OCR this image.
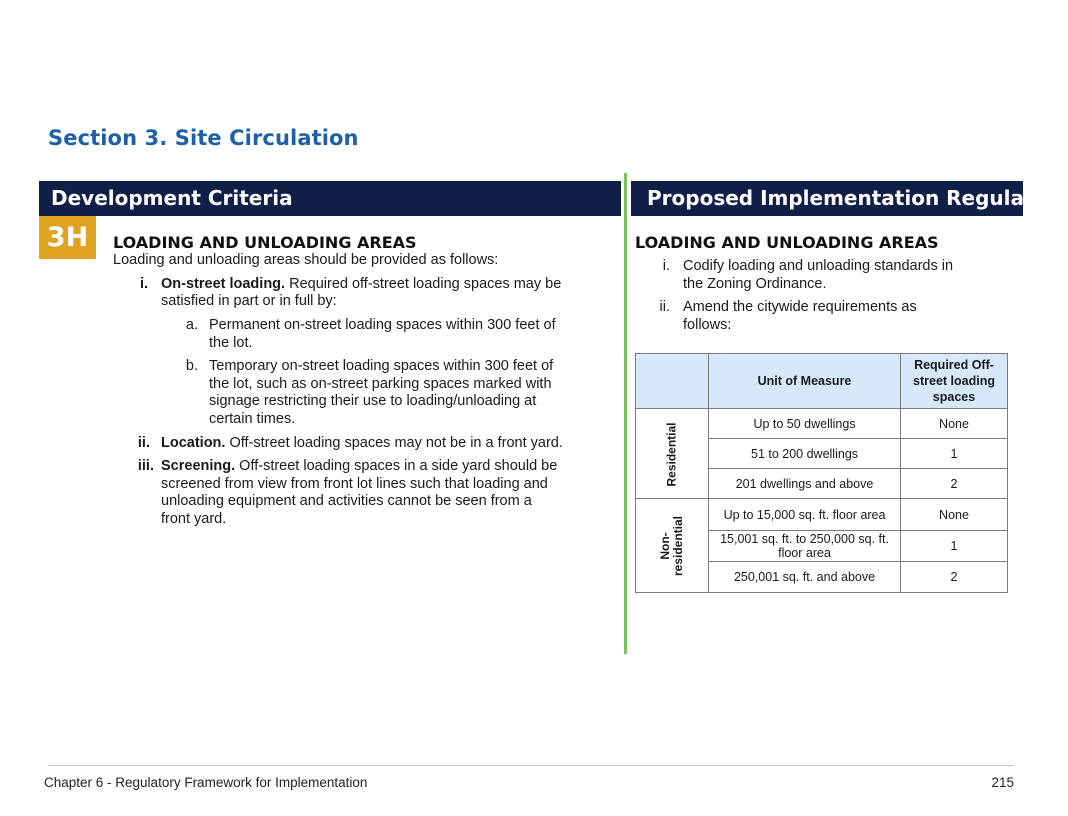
Section 3. Site Circulation
Development Criteria	Proposed Implementation Regulation
3H	LOADING AND UNLOADING AREAS
Loading and unloading areas should be provided as follows:
i. On-street loading. Required off-street loading spaces may be
satisfied in part or in full by:
a. Permanent on-street loading spaces within 300 feet of
the lot.
b. Temporary on-street loading spaces within 300 feet of
the lot, such as on-street parking spaces marked with
signage restricting their use to loading/unloading at
certain times.
ii. Location. Off-street loading spaces may not be in a front yard.
iii. Screening. Off-street loading spaces in a side yard should be
screened from view from front lot lines such that loading and
unloading equipment and activities cannot be seen from a
front yard.
LOADING AND UNLOADING AREAS
i. Codify loading and unloading standards in
the Zoning Ordinance.
ii. Amend the citywide requirements as
follows:
	Unit of Measure	Required Off-street loading spaces
Residential	Up to 50 dwellings	None
	51 to 200 dwellings	1
	201 dwellings and above	2
Non-
residential	Up to 15,000 sq. ft. floor area	None
	15,001 sq. ft. to 250,000 sq. ft. floor area	1
	250,001 sq. ft. and above	2
Chapter 6 - Regulatory Framework for Implementation	215
